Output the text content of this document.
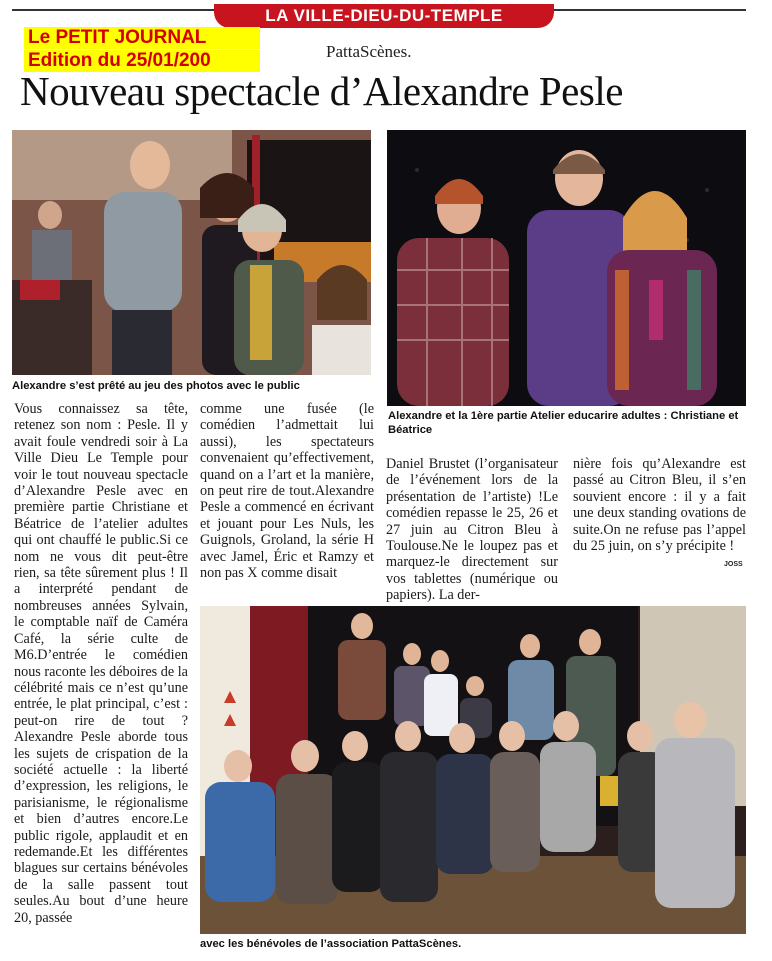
LA VILLE-DIEU-DU-TEMPLE
Le PETIT JOURNAL
Edition du 25/01/200	PattaScènes.
Nouveau spectacle d’Alexandre Pesle
Alexandre s’est prêté au jeu des photos avec le public
Alexandre et la 1ère partie Atelier educarire adultes : Christiane et Béatrice
Vous connaissez sa tête, retenez son nom : Pesle. Il y avait foule vendredi soir à La Ville Dieu Le Temple pour voir le tout nouveau spectacle d’Alexandre Pesle avec en première partie Christiane et Béatrice de l’atelier adultes qui ont chauffé le public.Si ce nom ne vous dit peut-être rien, sa tête sûrement plus ! Il a interprété pendant de nombreuses années Sylvain, le comptable naïf de Caméra Café, la série culte de M6.D’entrée le comédien nous raconte les déboires de la célébrité mais ce n’est qu’une entrée, le plat principal, c’est : peut-on rire de tout ?Alexandre Pesle aborde tous les sujets de crispation de la société actuelle : la liberté d’expression, les religions, le parisianisme, le régionalisme et bien d’autres encore.Le public rigole, applaudit et en redemande.Et les différentes blagues sur certains bénévoles de la salle passent tout seules.Au bout d’une heure 20, passée
comme une fusée (le comédien l’admettait lui aussi), les spectateurs convenaient qu’effectivement, quand on a l’art et la manière, on peut rire de tout.Alexandre Pesle a commencé en écrivant et jouant pour Les Nuls, les Guignols, Groland, la série H avec Jamel, Éric et Ramzy et non pas X comme disait
Daniel Brustet (l’organisateur de l’événement lors de la présentation de l’artiste) !Le comédien repasse le 25, 26 et 27 juin au Citron Bleu à Toulouse.Ne le loupez pas et marquez-le directement sur vos tablettes (numérique ou papiers). La der-
nière fois qu’Alexandre est passé au Citron Bleu, il s’en souvient encore : il y a fait une deux standing ovations de suite.On ne refuse pas l’appel du 25 juin, on s’y précipite !
JOSS
avec les bénévoles de l’association PattaScènes.
